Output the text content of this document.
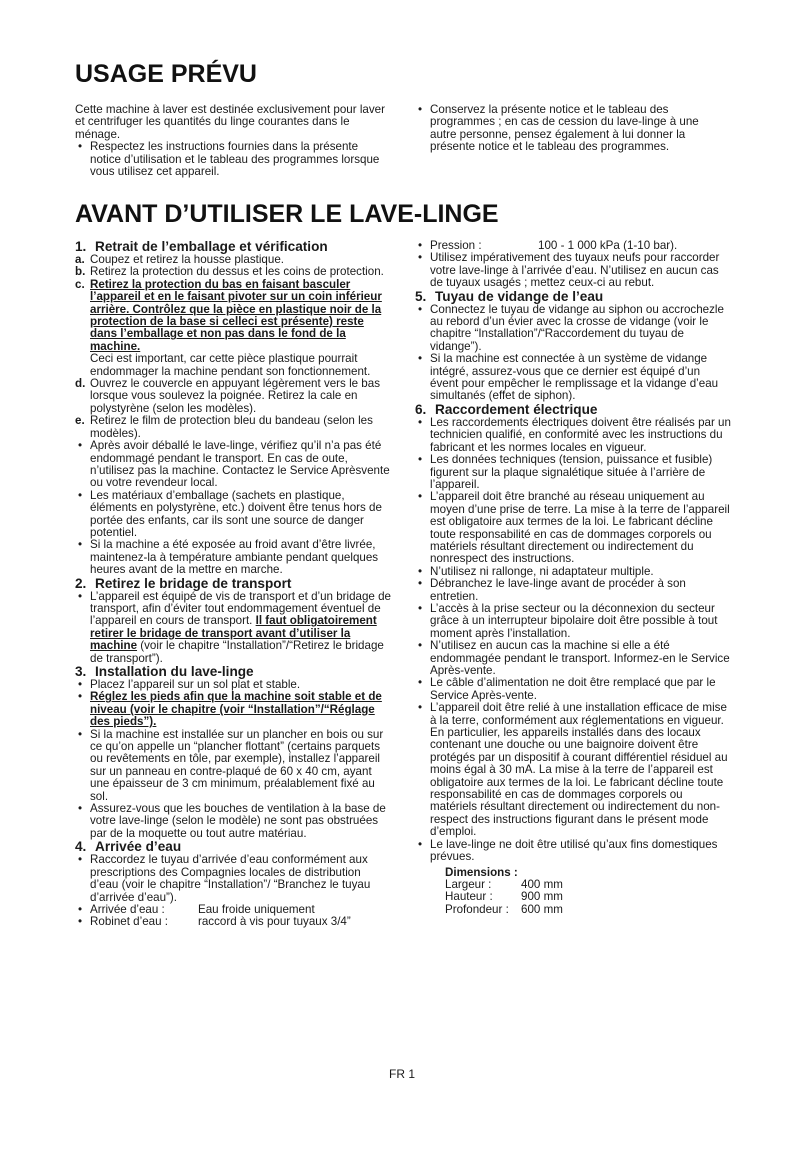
USAGE PRÉVU

Cette machine à laver est destinée exclusivement pour laver et centrifuger les quantités du linge courantes dans le ménage.

• Respectez les instructions fournies dans la présente notice d’utilisation et le tableau des programmes lorsque vous utilisez cet appareil.

• Conservez la présente notice et le tableau des programmes ; en cas de cession du lave-linge à une autre personne, pensez également à lui donner la présente notice et le tableau des programmes.

AVANT D’UTILISER LE LAVE-LINGE

1. Retrait de l’emballage et vérification

a. Coupez et retirez la housse plastique.

b. Retirez la protection du dessus et les coins de protection.

c. Retirez la protection du bas en faisant basculer l’appareil et en le faisant pivoter sur un coin inférieur arrière. Contrôlez que la pièce en plastique noir de la protection de la base si celleci est présente) reste dans l’emballage et non pas dans le fond de la machine.
Ceci est important, car cette pièce plastique pourrait endommager la machine pendant son fonctionnement.

d. Ouvrez le couvercle en appuyant légèrement vers le bas lorsque vous soulevez la poignée. Retirez la cale en polystyrène (selon les modèles).

e. Retirez le film de protection bleu du bandeau (selon les modèles).

• Après avoir déballé le lave-linge, vérifiez qu’il n’a pas été endommagé pendant le transport. En cas de oute, n’utilisez pas la machine. Contactez le Service Aprèsvente ou votre revendeur local.

• Les matériaux d’emballage (sachets en plastique, éléments en polystyrène, etc.) doivent être tenus hors de portée des enfants, car ils sont une source de danger potentiel.

• Si la machine a été exposée au froid avant d’être livrée, maintenez-la à température ambiante pendant quelques heures avant de la mettre en marche.

2. Retirez le bridage de transport

• L’appareil est équipé de vis de transport et d’un bridage de transport, afin d’éviter tout endommagement éventuel de l’appareil en cours de transport. Il faut obligatoirement retirer le bridage de transport avant d’utiliser la machine (voir le chapitre “Installation”/“Retirez le bridage de transport”).

3. Installation du lave-linge

• Placez l’appareil sur un sol plat et stable.

• Réglez les pieds afin que la machine soit stable et de niveau (voir le chapitre (voir “Installation”/“Réglage des pieds”).

• Si la machine est installée sur un plancher en bois ou sur ce qu’on appelle un “plancher flottant” (certains parquets ou revêtements en tôle, par exemple), installez l’appareil sur un panneau en contre-plaqué de 60 x 40 cm, ayant une épaisseur de 3 cm minimum, préalablement fixé au sol.

• Assurez-vous que les bouches de ventilation à la base de votre lave-linge (selon le modèle) ne sont pas obstruées par de la moquette ou tout autre matériau.

4. Arrivée d’eau

• Raccordez le tuyau d’arrivée d’eau conformément aux prescriptions des Compagnies locales de distribution d’eau (voir le chapitre “Installation”/ “Branchez le tuyau d’arrivée d’eau”).

• Arrivée d’eau :	Eau froide uniquement
• Robinet d’eau :	raccord à vis pour tuyaux 3/4”
• Pression :	100 - 1 000 kPa (1-10 bar).

• Utilisez impérativement des tuyaux neufs pour raccorder votre lave-linge à l’arrivée d’eau. N’utilisez en aucun cas de tuyaux usagés ; mettez ceux-ci au rebut.

5. Tuyau de vidange de l’eau

• Connectez le tuyau de vidange au siphon ou accrochezle au rebord d’un évier avec la crosse de vidange (voir le chapitre “Installation”/“Raccordement du tuyau de vidange”).

• Si la machine est connectée à un système de vidange intégré, assurez-vous que ce dernier est équipé d’un évent pour empêcher le remplissage et la vidange d’eau simultanés (effet de siphon).

6. Raccordement électrique

• Les raccordements électriques doivent être réalisés par un technicien qualifié, en conformité avec les instructions du fabricant et les normes locales en vigueur.

• Les données techniques (tension, puissance et fusible) figurent sur la plaque signalétique située à l’arrière de l’appareil.

• L’appareil doit être branché au réseau uniquement au moyen d’une prise de terre. La mise à la terre de l’appareil est obligatoire aux termes de la loi. Le fabricant décline toute responsabilité en cas de dommages corporels ou matériels résultant directement ou indirectement du nonrespect des instructions.

• N’utilisez ni rallonge, ni adaptateur multiple.

• Débranchez le lave-linge avant de procéder à son entretien.

• L’accès à la prise secteur ou la déconnexion du secteur grâce à un interrupteur bipolaire doit être possible à tout moment après l’installation.

• N’utilisez en aucun cas la machine si elle a été endommagée pendant le transport. Informez-en le Service Après-vente.

• Le câble d’alimentation ne doit être remplacé que par le Service Après-vente.

• L’appareil doit être relié à une installation efficace de mise à la terre, conformément aux réglementations en vigueur. En particulier, les appareils installés dans des locaux contenant une douche ou une baignoire doivent être protégés par un dispositif à courant différentiel résiduel au moins égal à 30 mA. La mise à la terre de l’appareil est obligatoire aux termes de la loi. Le fabricant décline toute responsabilité en cas de dommages corporels ou matériels résultant directement ou indirectement du non-respect des instructions figurant dans le présent mode d’emploi.

• Le lave-linge ne doit être utilisé qu’aux fins domestiques prévues.

Dimensions :
Largeur :	400 mm
Hauteur :	900 mm
Profondeur :	600 mm
FR 1
